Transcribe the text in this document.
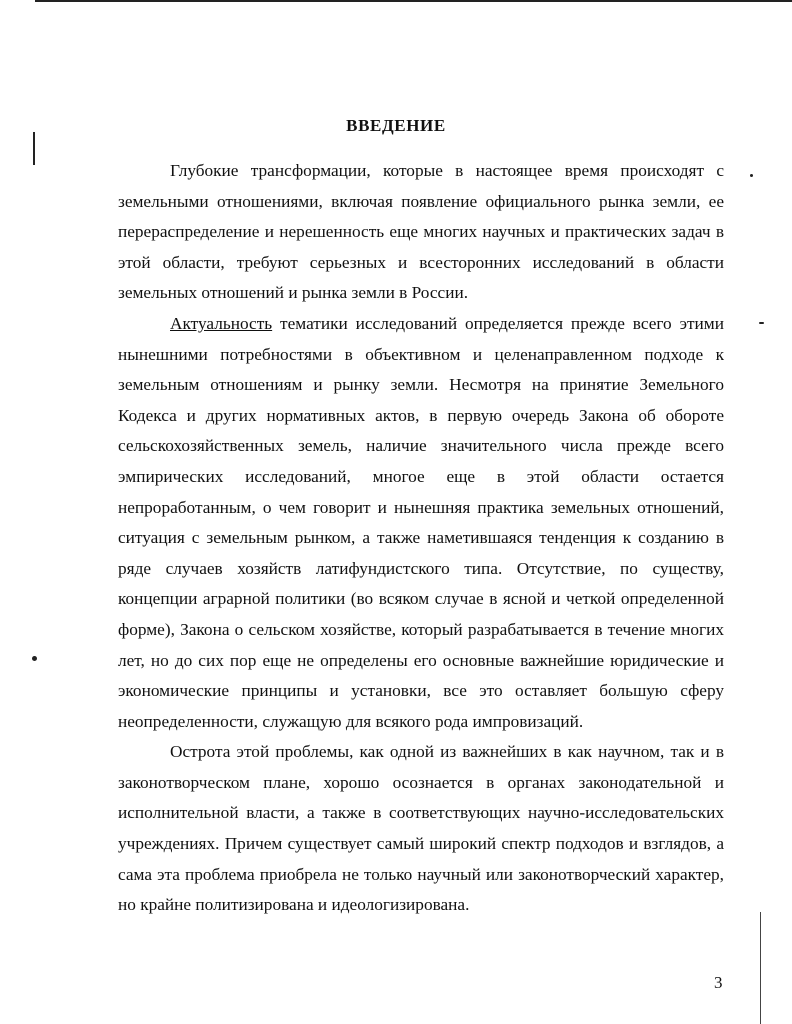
ВВЕДЕНИЕ

Глубокие трансформации, которые в настоящее время происходят с земельными отношениями, включая появление официального рынка земли, ее перераспределение и нерешенность еще многих научных и практических задач в этой области, требуют серьезных и всесторонних исследований в области земельных отношений и рынка земли в России.

Актуальность тематики исследований определяется прежде всего этими нынешними потребностями в объективном и целенаправленном подходе к земельным отношениям и рынку земли. Несмотря на принятие Земельного Кодекса и других нормативных актов, в первую очередь Закона об обороте сельскохозяйственных земель, наличие значительного числа прежде всего эмпирических исследований, многое еще в этой области остается непроработанным, о чем говорит и нынешняя практика земельных отношений, ситуация с земельным рынком, а также наметившаяся тенденция к созданию в ряде случаев хозяйств латифундистского типа. Отсутствие, по существу, концепции аграрной политики (во всяком случае в ясной и четкой определенной форме), Закона о сельском хозяйстве, который разрабатывается в течение многих лет, но до сих пор еще не определены его основные важнейшие юридические и экономические принципы и установки, все это оставляет большую сферу неопределенности, служащую для всякого рода импровизаций.

Острота этой проблемы, как одной из важнейших в как научном, так и в законотворческом плане, хорошо осознается в органах законодательной и исполнительной власти, а также в соответствующих научно-исследовательских учреждениях. Причем существует самый широкий спектр подходов и взглядов, а сама эта проблема приобрела не только научный или законотворческий характер, но крайне политизирована и идеологизирована.

3
